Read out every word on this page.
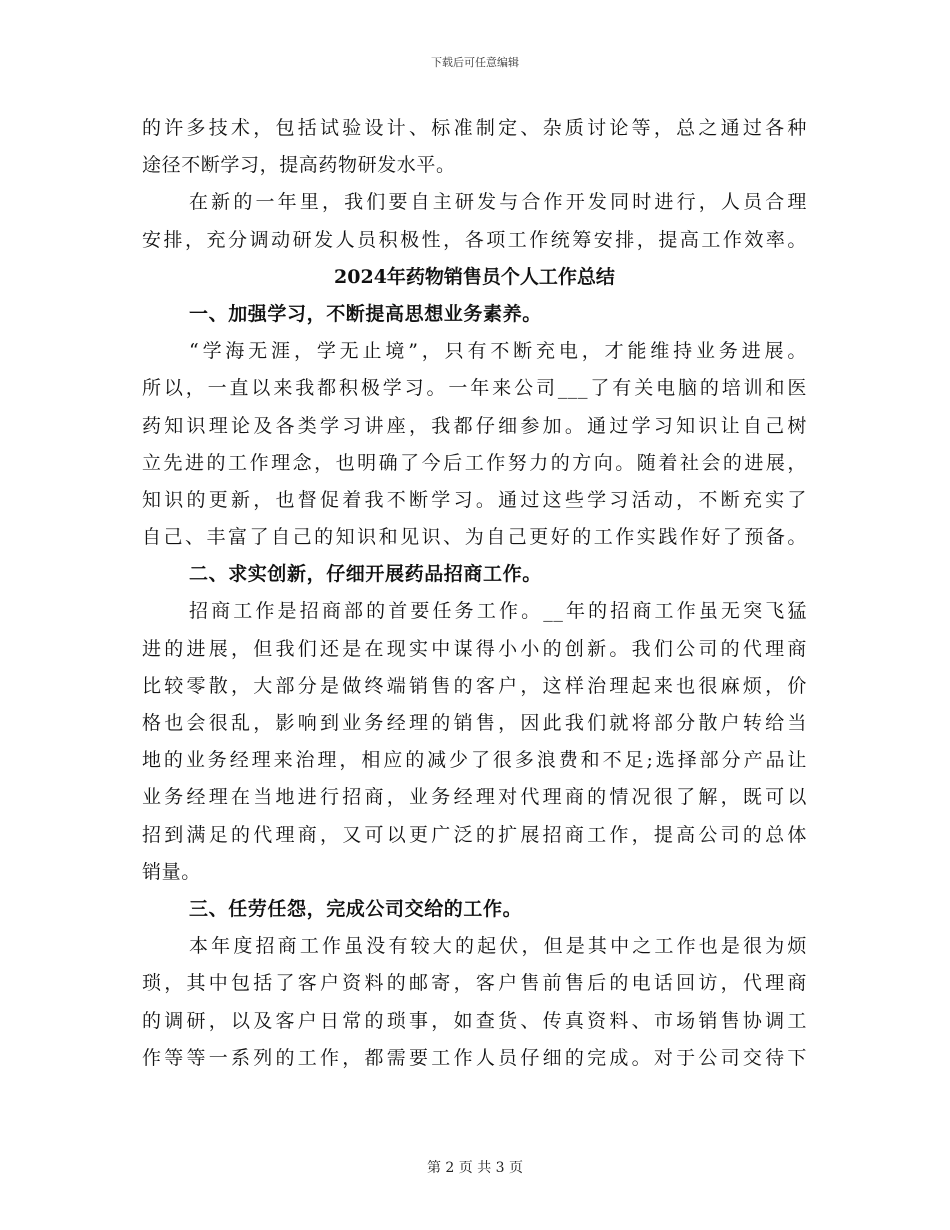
下载后可任意编辑
的许多技术，包括试验设计、标准制定、杂质讨论等，总之通过各种
途径不断学习，提高药物研发水平。
在新的一年里，我们要自主研发与合作开发同时进行，人员合理
安排，充分调动研发人员积极性，各项工作统筹安排，提高工作效率。
2024年药物销售员个人工作总结
一、加强学习，不断提高思想业务素养。
“学海无涯，学无止境”，只有不断充电，才能维持业务进展。
所以，一直以来我都积极学习。一年来公司___了有关电脑的培训和医
药知识理论及各类学习讲座，我都仔细参加。通过学习知识让自己树
立先进的工作理念，也明确了今后工作努力的方向。随着社会的进展，
知识的更新，也督促着我不断学习。通过这些学习活动，不断充实了
自己、丰富了自己的知识和见识、为自己更好的工作实践作好了预备。
二、求实创新，仔细开展药品招商工作。
招商工作是招商部的首要任务工作。__年的招商工作虽无突飞猛
进的进展，但我们还是在现实中谋得小小的创新。我们公司的代理商
比较零散，大部分是做终端销售的客户，这样治理起来也很麻烦，价
格也会很乱，影响到业务经理的销售，因此我们就将部分散户转给当
地的业务经理来治理，相应的减少了很多浪费和不足;选择部分产品让
业务经理在当地进行招商，业务经理对代理商的情况很了解，既可以
招到满足的代理商，又可以更广泛的扩展招商工作，提高公司的总体
销量。
三、任劳任怨，完成公司交给的工作。
本年度招商工作虽没有较大的起伏，但是其中之工作也是很为烦
琐，其中包括了客户资料的邮寄，客户售前售后的电话回访，代理商
的调研，以及客户日常的琐事，如查货、传真资料、市场销售协调工
作等等一系列的工作，都需要工作人员仔细的完成。对于公司交待下
第 2 页 共 3 页
